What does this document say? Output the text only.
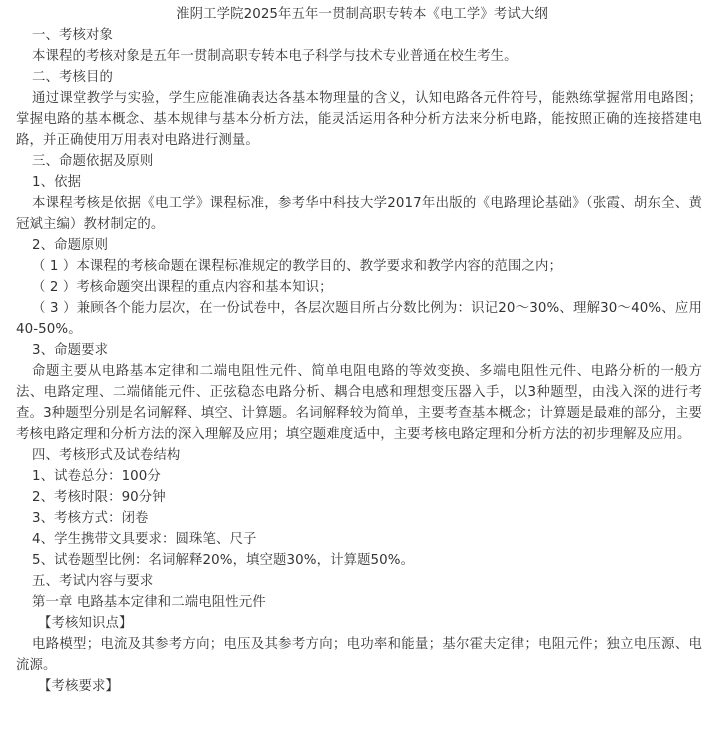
淮阴工学院2025年五年一贯制高职专转本《电工学》考试大纲

一、考核对象

本课程的考核对象是五年一贯制高职专转本电子科学与技术专业普通在校生考生。

二、考核目的

通过课堂教学与实验，学生应能准确表达各基本物理量的含义，认知电路各元件符号，能熟练掌握常用电路图；掌握电路的基本概念、基本规律与基本分析方法，能灵活运用各种分析方法来分析电路，能按照正确的连接搭建电路，并正确使用万用表对电路进行测量。

三、命题依据及原则

1、依据

本课程考核是依据《电工学》课程标准，参考华中科技大学2017年出版的《电路理论基础》（张霞、胡东全、黄冠斌主编）教材制定的。

2、命题原则

（ 1 ）本课程的考核命题在课程标准规定的教学目的、教学要求和教学内容的范围之内；

（ 2 ）考核命题突出课程的重点内容和基本知识；

（ 3 ）兼顾各个能力层次，在一份试卷中，各层次题目所占分数比例为：识记20～30%、理解30～40%、应用40-50%。

3、命题要求

命题主要从电路基本定律和二端电阻性元件、简单电阻电路的等效变换、多端电阻性元件、电路分析的一般方法、电路定理、二端储能元件、正弦稳态电路分析、耦合电感和理想变压器入手，以3种题型，由浅入深的进行考查。3种题型分别是名词解释、填空、计算题。名词解释较为简单，主要考查基本概念；计算题是最难的部分，主要考核电路定理和分析方法的深入理解及应用；填空题难度适中，主要考核电路定理和分析方法的初步理解及应用。

四、考核形式及试卷结构

1、试卷总分：100分

2、考核时限：90分钟

3、考核方式：闭卷

4、学生携带文具要求：圆珠笔、尺子

5、试卷题型比例：名词解释20%，填空题30%，计算题50%。

五、考试内容与要求

第一章 电路基本定律和二端电阻性元件

【考核知识点】

电路模型；电流及其参考方向；电压及其参考方向；电功率和能量；基尔霍夫定律；电阻元件；独立电压源、电流源。

【考核要求】
